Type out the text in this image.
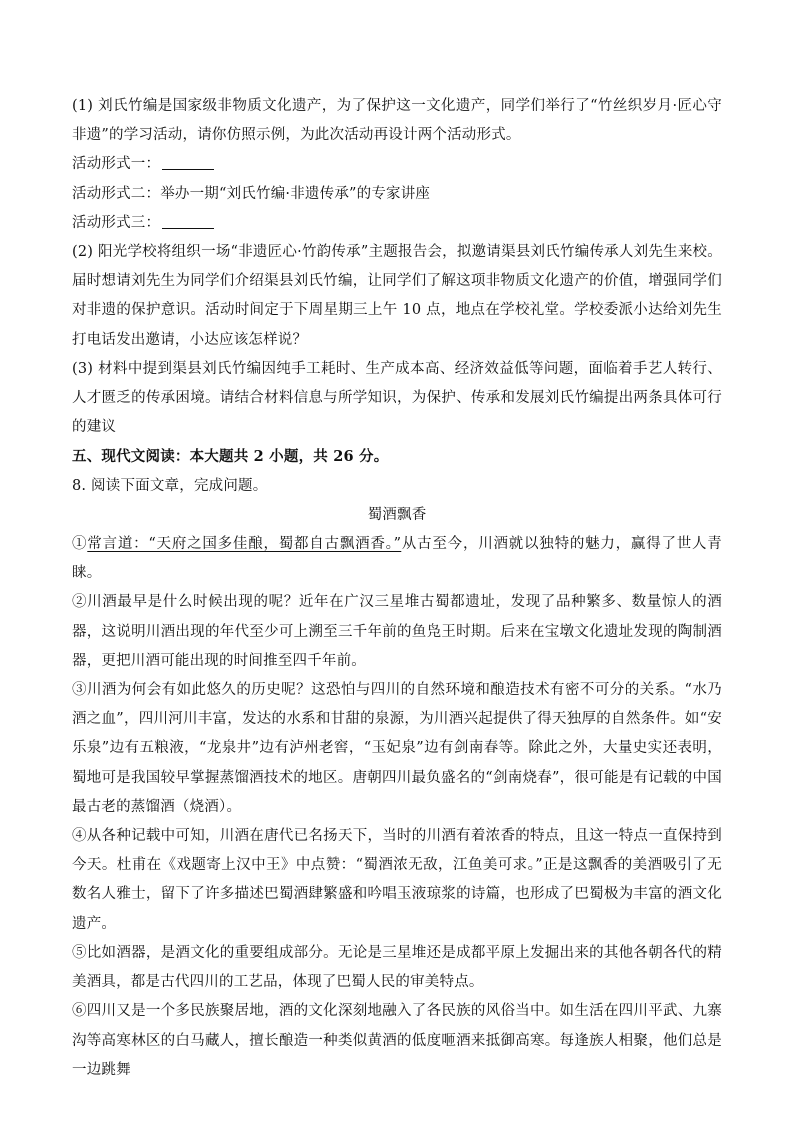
(1) 刘氏竹编是国家级非物质文化遗产，为了保护这一文化遗产，同学们举行了“竹丝织岁月·匠心守非遗”的学习活动，请你仿照示例，为此次活动再设计两个活动形式。

活动形式一：

活动形式二：举办一期“刘氏竹编·非遗传承”的专家讲座

活动形式三：

(2) 阳光学校将组织一场“非遗匠心·竹韵传承”主题报告会，拟邀请渠县刘氏竹编传承人刘先生来校。届时想请刘先生为同学们介绍渠县刘氏竹编，让同学们了解这项非物质文化遗产的价值，增强同学们对非遗的保护意识。活动时间定于下周星期三上午 10 点，地点在学校礼堂。学校委派小达给刘先生打电话发出邀请，小达应该怎样说？

(3) 材料中提到渠县刘氏竹编因纯手工耗时、生产成本高、经济效益低等问题，面临着手艺人转行、人才匮乏的传承困境。请结合材料信息与所学知识，为保护、传承和发展刘氏竹编提出两条具体可行的建议

五、现代文阅读：本大题共 2 小题，共 26 分。

8. 阅读下面文章，完成问题。

蜀酒飘香

①常言道：“天府之国多佳酿，蜀都自古飘酒香。”从古至今，川酒就以独特的魅力，赢得了世人青睐。

②川酒最早是什么时候出现的呢？近年在广汉三星堆古蜀都遗址，发现了品种繁多、数量惊人的酒器，这说明川酒出现的年代至少可上溯至三千年前的鱼凫王时期。后来在宝墩文化遗址发现的陶制酒器，更把川酒可能出现的时间推至四千年前。

③川酒为何会有如此悠久的历史呢？这恐怕与四川的自然环境和酿造技术有密不可分的关系。“水乃酒之血”，四川河川丰富，发达的水系和甘甜的泉源，为川酒兴起提供了得天独厚的自然条件。如“安乐泉”边有五粮液，“龙泉井”边有泸州老窖，“玉妃泉”边有剑南春等。除此之外，大量史实还表明，蜀地可是我国较早掌握蒸馏酒技术的地区。唐朝四川最负盛名的“剑南烧春”，很可能是有记载的中国最古老的蒸馏酒（烧酒）。

④从各种记载中可知，川酒在唐代已名扬天下，当时的川酒有着浓香的特点，且这一特点一直保持到今天。杜甫在《戏题寄上汉中王》中点赞：“蜀酒浓无敌，江鱼美可求。”正是这飘香的美酒吸引了无数名人雅士，留下了许多描述巴蜀酒肆繁盛和吟唱玉液琼浆的诗篇，也形成了巴蜀极为丰富的酒文化遗产。

⑤比如酒器，是酒文化的重要组成部分。无论是三星堆还是成都平原上发掘出来的其他各朝各代的精美酒具，都是古代四川的工艺品，体现了巴蜀人民的审美特点。

⑥四川又是一个多民族聚居地，酒的文化深刻地融入了各民族的风俗当中。如生活在四川平武、九寨沟等高寒林区的白马藏人，擅长酿造一种类似黄酒的低度咂酒来抵御高寒。每逢族人相聚，他们总是一边跳舞
